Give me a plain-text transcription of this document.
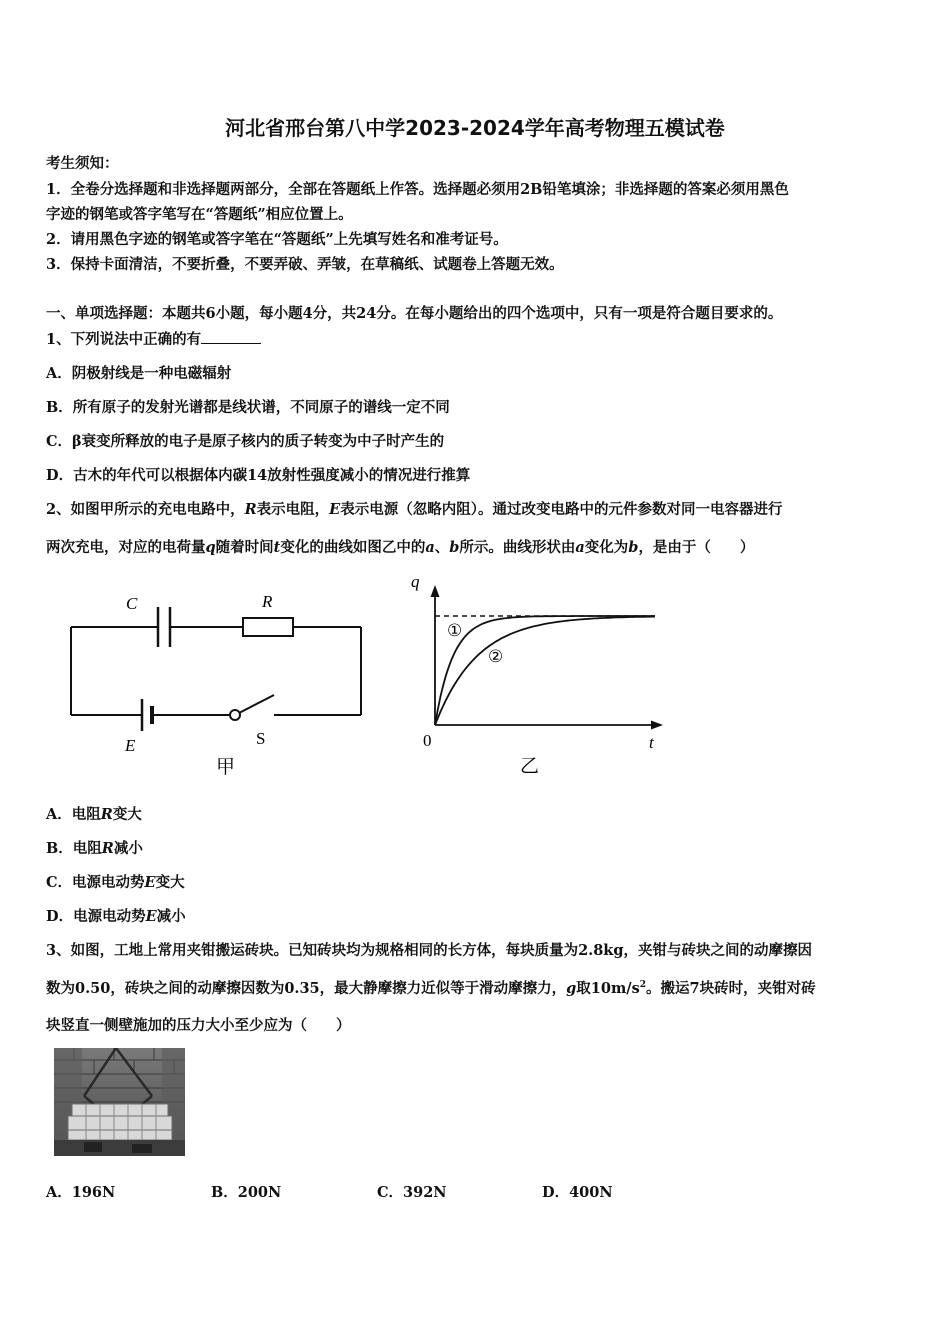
河北省邢台第八中学2023-2024学年高考物理五模试卷
考生须知：
1．全卷分选择题和非选择题两部分，全部在答题纸上作答。选择题必须用2B铅笔填涂；非选择题的答案必须用黑色
字迹的钢笔或答字笔写在“答题纸”相应位置上。
2．请用黑色字迹的钢笔或答字笔在“答题纸”上先填写姓名和准考证号。
3．保持卡面清洁，不要折叠，不要弄破、弄皱，在草稿纸、试题卷上答题无效。
一、单项选择题：本题共6小题，每小题4分，共24分。在每小题给出的四个选项中，只有一项是符合题目要求的。
1、下列说法中正确的有
A．阴极射线是一种电磁辐射
B．所有原子的发射光谱都是线状谱，不同原子的谱线一定不同
C．β衰变所释放的电子是原子核内的质子转变为中子时产生的
D．古木的年代可以根据体内碳14放射性强度减小的情况进行推算
2、如图甲所示的充电电路中，R表示电阻，E表示电源（忽略内阻）。通过改变电路中的元件参数对同一电容器进行
两次充电，对应的电荷量q随着时间t变化的曲线如图乙中的a、b所示。曲线形状由a变化为b，是由于（　　）
C	R
E	S
甲
q
t
0
①
②
乙
A．电阻R变大
B．电阻R减小
C．电源电动势E变大
D．电源电动势E减小
3、如图，工地上常用夹钳搬运砖块。已知砖块均为规格相同的长方体，每块质量为2.8kg，夹钳与砖块之间的动摩擦因
数为0.50，砖块之间的动摩擦因数为0.35，最大静摩擦力近似等于滑动摩擦力，g取$10m/s^2$。搬运7块砖时，夹钳对砖
块竖直一侧壁施加的压力大小至少应为（　　）
A．196N	B．200N	C．392N	D．400N
